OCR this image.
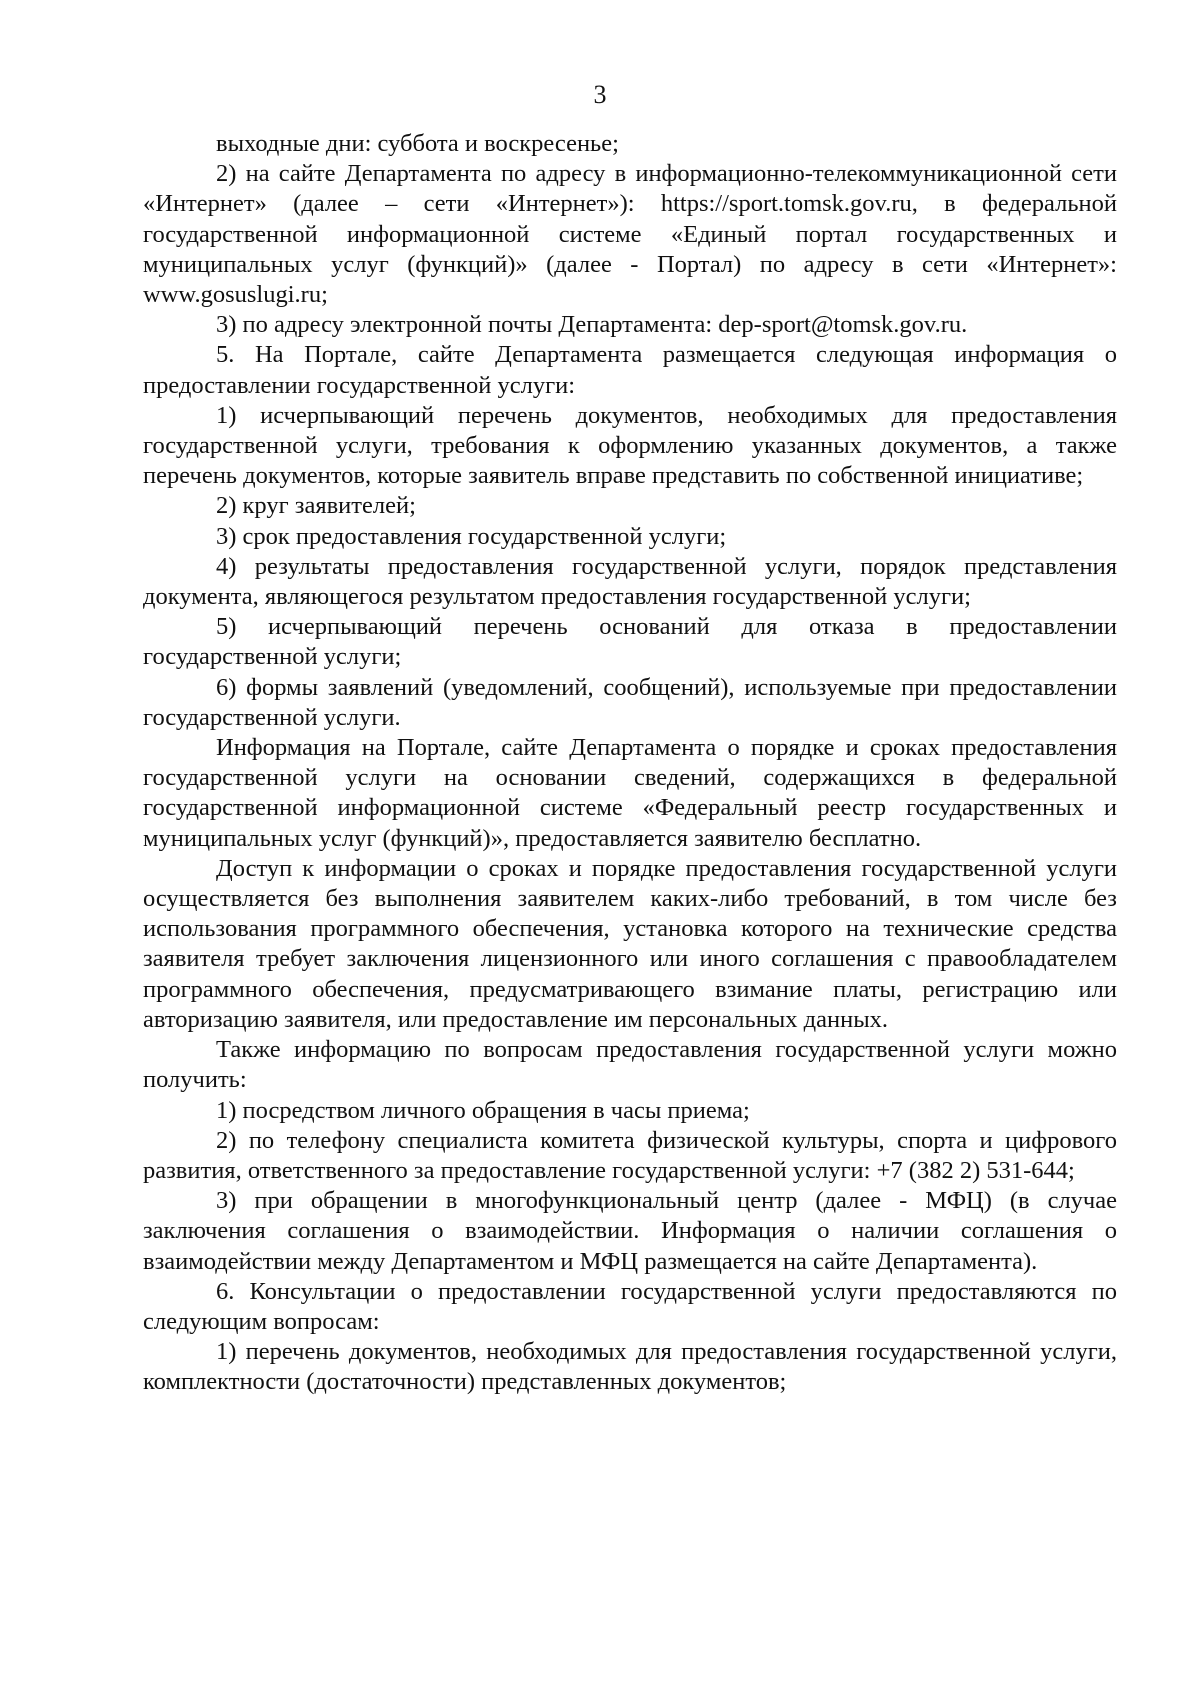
3

выходные дни: суббота и воскресенье;

2) на сайте Департамента по адресу в информационно-телекоммуникационной сети «Интернет» (далее – сети «Интернет»): https://sport.tomsk.gov.ru, в федеральной государственной информационной системе «Единый портал государственных и муниципальных услуг (функций)» (далее - Портал) по адресу в сети «Интернет»: www.gosuslugi.ru;

3) по адресу электронной почты Департамента: dep-sport@tomsk.gov.ru.

5. На Портале, сайте Департамента размещается следующая информация о предоставлении государственной услуги:

1) исчерпывающий перечень документов, необходимых для предоставления государственной услуги, требования к оформлению указанных документов, а также перечень документов, которые заявитель вправе представить по собственной инициативе;

2) круг заявителей;

3) срок предоставления государственной услуги;

4) результаты предоставления государственной услуги, порядок представления документа, являющегося результатом предоставления государственной услуги;

5) исчерпывающий перечень оснований для отказа в предоставлении государственной услуги;

6) формы заявлений (уведомлений, сообщений), используемые при предоставлении государственной услуги.

Информация на Портале, сайте Департамента о порядке и сроках предоставления государственной услуги на основании сведений, содержащихся в федеральной государственной информационной системе «Федеральный реестр государственных и муниципальных услуг (функций)», предоставляется заявителю бесплатно.

Доступ к информации о сроках и порядке предоставления государственной услуги осуществляется без выполнения заявителем каких-либо требований, в том числе без использования программного обеспечения, установка которого на технические средства заявителя требует заключения лицензионного или иного соглашения с правообладателем программного обеспечения, предусматривающего взимание платы, регистрацию или авторизацию заявителя, или предоставление им персональных данных.

Также информацию по вопросам предоставления государственной услуги можно получить:

1) посредством личного обращения в часы приема;

2) по телефону специалиста комитета физической культуры, спорта и цифрового развития, ответственного за предоставление государственной услуги: +7 (382 2) 531-644;

3) при обращении в многофункциональный центр (далее - МФЦ) (в случае заключения соглашения о взаимодействии. Информация о наличии соглашения о взаимодействии между Департаментом и МФЦ размещается на сайте Департамента).

6. Консультации о предоставлении государственной услуги предоставляются по следующим вопросам:

1) перечень документов, необходимых для предоставления государственной услуги, комплектности (достаточности) представленных документов;
